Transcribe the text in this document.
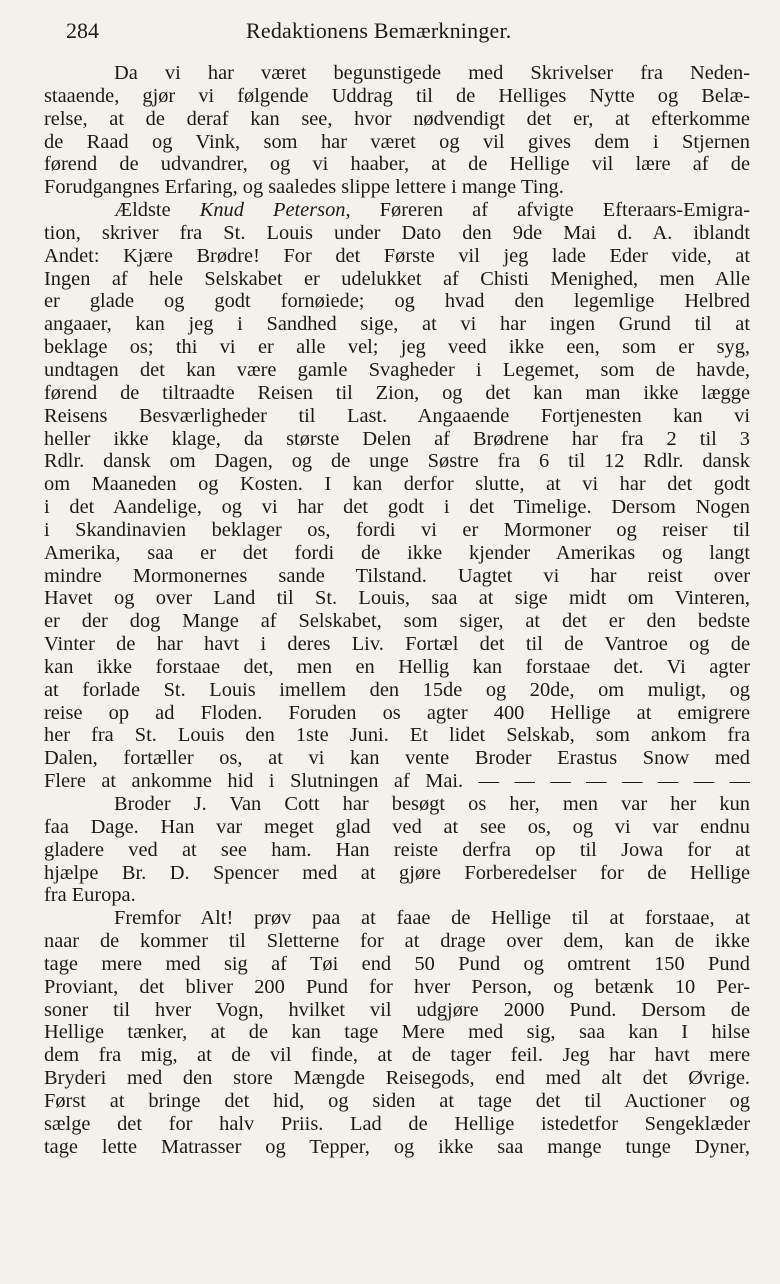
284	Redaktionens Bemærkninger.
Da vi har været begunstigede med Skrivelser fra Neden-
staaende, gjør vi følgende Uddrag til de Helliges Nytte og Belæ-
relse, at de deraf kan see, hvor nødvendigt det er, at efterkomme
de Raad og Vink, som har været og vil gives dem i Stjernen
førend de udvandrer, og vi haaber, at de Hellige vil lære af de
Forudgangnes Erfaring, og saaledes slippe lettere i mange Ting.
Ældste Knud Peterson, Føreren af afvigte Efteraars-Emigra-
tion, skriver fra St. Louis under Dato den 9de Mai d. A. iblandt
Andet: Kjære Brødre! For det Første vil jeg lade Eder vide, at
Ingen af hele Selskabet er udelukket af Chisti Menighed, men Alle
er glade og godt fornøiede; og hvad den legemlige Helbred
angaaer, kan jeg i Sandhed sige, at vi har ingen Grund til at
beklage os; thi vi er alle vel; jeg veed ikke een, som er syg,
undtagen det kan være gamle Svagheder i Legemet, som de havde,
førend de tiltraadte Reisen til Zion, og det kan man ikke lægge
Reisens Besværligheder til Last. Angaaende Fortjenesten kan vi
heller ikke klage, da største Delen af Brødrene har fra 2 til 3
Rdlr. dansk om Dagen, og de unge Søstre fra 6 til 12 Rdlr. dansk
om Maaneden og Kosten. I kan derfor slutte, at vi har det godt
i det Aandelige, og vi har det godt i det Timelige. Dersom Nogen
i Skandinavien beklager os, fordi vi er Mormoner og reiser til
Amerika, saa er det fordi de ikke kjender Amerikas og langt
mindre Mormonernes sande Tilstand. Uagtet vi har reist over
Havet og over Land til St. Louis, saa at sige midt om Vinteren,
er der dog Mange af Selskabet, som siger, at det er den bedste
Vinter de har havt i deres Liv. Fortæl det til de Vantroe og de
kan ikke forstaae det, men en Hellig kan forstaae det. Vi agter
at forlade St. Louis imellem den 15de og 20de, om muligt, og
reise op ad Floden. Foruden os agter 400 Hellige at emigrere
her fra St. Louis den 1ste Juni. Et lidet Selskab, som ankom fra
Dalen, fortæller os, at vi kan vente Broder Erastus Snow med
Flere at ankomme hid i Slutningen af Mai. — — — — — — — —
Broder J. Van Cott har besøgt os her, men var her kun
faa Dage. Han var meget glad ved at see os, og vi var endnu
gladere ved at see ham. Han reiste derfra op til Jowa for at
hjælpe Br. D. Spencer med at gjøre Forberedelser for de Hellige
fra Europa.
Fremfor Alt! prøv paa at faae de Hellige til at forstaae, at
naar de kommer til Sletterne for at drage over dem, kan de ikke
tage mere med sig af Tøi end 50 Pund og omtrent 150 Pund
Proviant, det bliver 200 Pund for hver Person, og betænk 10 Per-
soner til hver Vogn, hvilket vil udgjøre 2000 Pund. Dersom de
Hellige tænker, at de kan tage Mere med sig, saa kan I hilse
dem fra mig, at de vil finde, at de tager feil. Jeg har havt mere
Bryderi med den store Mængde Reisegods, end med alt det Øvrige.
Først at bringe det hid, og siden at tage det til Auctioner og
sælge det for halv Priis. Lad de Hellige istedetfor Sengeklæder
tage lette Matrasser og Tepper, og ikke saa mange tunge Dyner,
